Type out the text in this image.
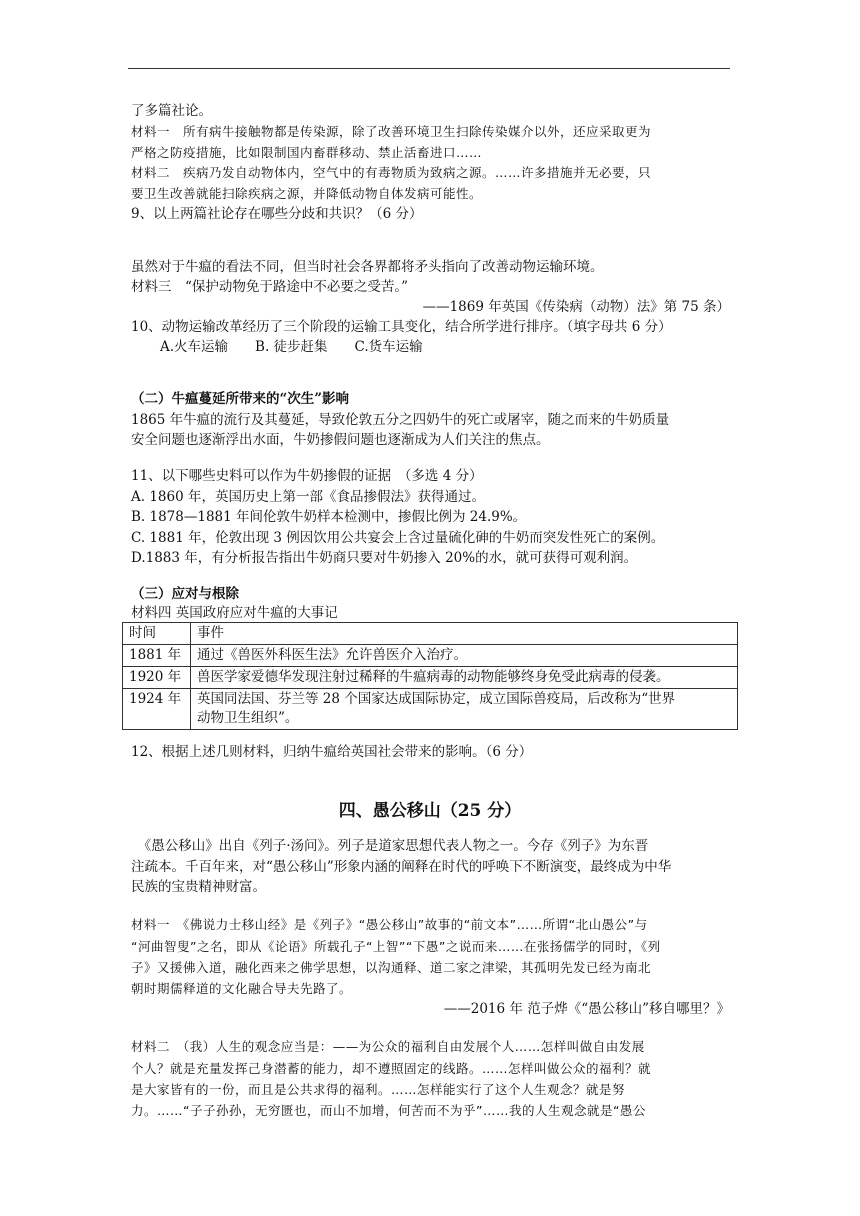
了多篇社论。
材料一　所有病牛接触物都是传染源，除了改善环境卫生扫除传染媒介以外，还应采取更为
严格之防疫措施，比如限制国内畜群移动、禁止活畜进口……
材料二　疾病乃发自动物体内，空气中的有毒物质为致病之源。……许多措施并无必要，只
要卫生改善就能扫除疾病之源，并降低动物自体发病可能性。
9、以上两篇社论存在哪些分歧和共识？（6 分）
虽然对于牛瘟的看法不同，但当时社会各界都将矛头指向了改善动物运输环境。
材料三　“保护动物免于路途中不必要之受苦。”
——1869 年英国《传染病（动物）法》第 75 条）
10、动物运输改革经历了三个阶段的运输工具变化，结合所学进行排序。（填字母共 6 分）
A.火车运输　　B. 徒步赶集　　C.货车运输
（二）牛瘟蔓延所带来的“次生”影响
1865 年牛瘟的流行及其蔓延，导致伦敦五分之四奶牛的死亡或屠宰，随之而来的牛奶质量
安全问题也逐渐浮出水面，牛奶掺假问题也逐渐成为人们关注的焦点。
11、以下哪些史料可以作为牛奶掺假的证据　（多选 4 分）
A. 1860 年，英国历史上第一部《食品掺假法》获得通过。
B. 1878—1881 年间伦敦牛奶样本检测中，掺假比例为 24.9%。
C. 1881 年，伦敦出现 3 例因饮用公共宴会上含过量硫化砷的牛奶而突发性死亡的案例。
D.1883 年，有分析报告指出牛奶商只要对牛奶掺入 20%的水，就可获得可观利润。
（三）应对与根除
材料四 英国政府应对牛瘟的大事记
时间	事件
1881 年	通过《兽医外科医生法》允许兽医介入治疗。
1920 年	兽医学家爱德华发现注射过稀释的牛瘟病毒的动物能够终身免受此病毒的侵袭。
1924 年	英国同法国、芬兰等 28 个国家达成国际协定，成立国际兽疫局，后改称为“世界
动物卫生组织”。
12、根据上述几则材料，归纳牛瘟给英国社会带来的影响。（6 分）
四、愚公移山（25 分）
　《愚公移山》出自《列子·汤问》。列子是道家思想代表人物之一。今存《列子》为东晋
注疏本。千百年来，对“愚公移山”形象内涵的阐释在时代的呼唤下不断演变，最终成为中华
民族的宝贵精神财富。
材料一　《佛说力士移山经》是《列子》“愚公移山”故事的“前文本”……所谓“北山愚公”与
“河曲智叟”之名，即从《论语》所载孔子“上智”“下愚”之说而来……在张扬儒学的同时，《列
子》又援佛入道，融化西来之佛学思想，以沟通释、道二家之津梁，其孤明先发已经为南北
朝时期儒释道的文化融合导夫先路了。
——2016 年 范子烨《“愚公移山”移自哪里？》
材料二　（我）人生的观念应当是：——为公众的福利自由发展个人……怎样叫做自由发展
个人？就是充量发挥己身潜蓄的能力，却不遵照固定的线路。……怎样叫做公众的福利？就
是大家皆有的一份，而且是公共求得的福利。……怎样能实行了这个人生观念？就是努
力。……“子子孙孙，无穷匮也，而山不加增，何苦而不为乎”……我的人生观念就是“愚公
